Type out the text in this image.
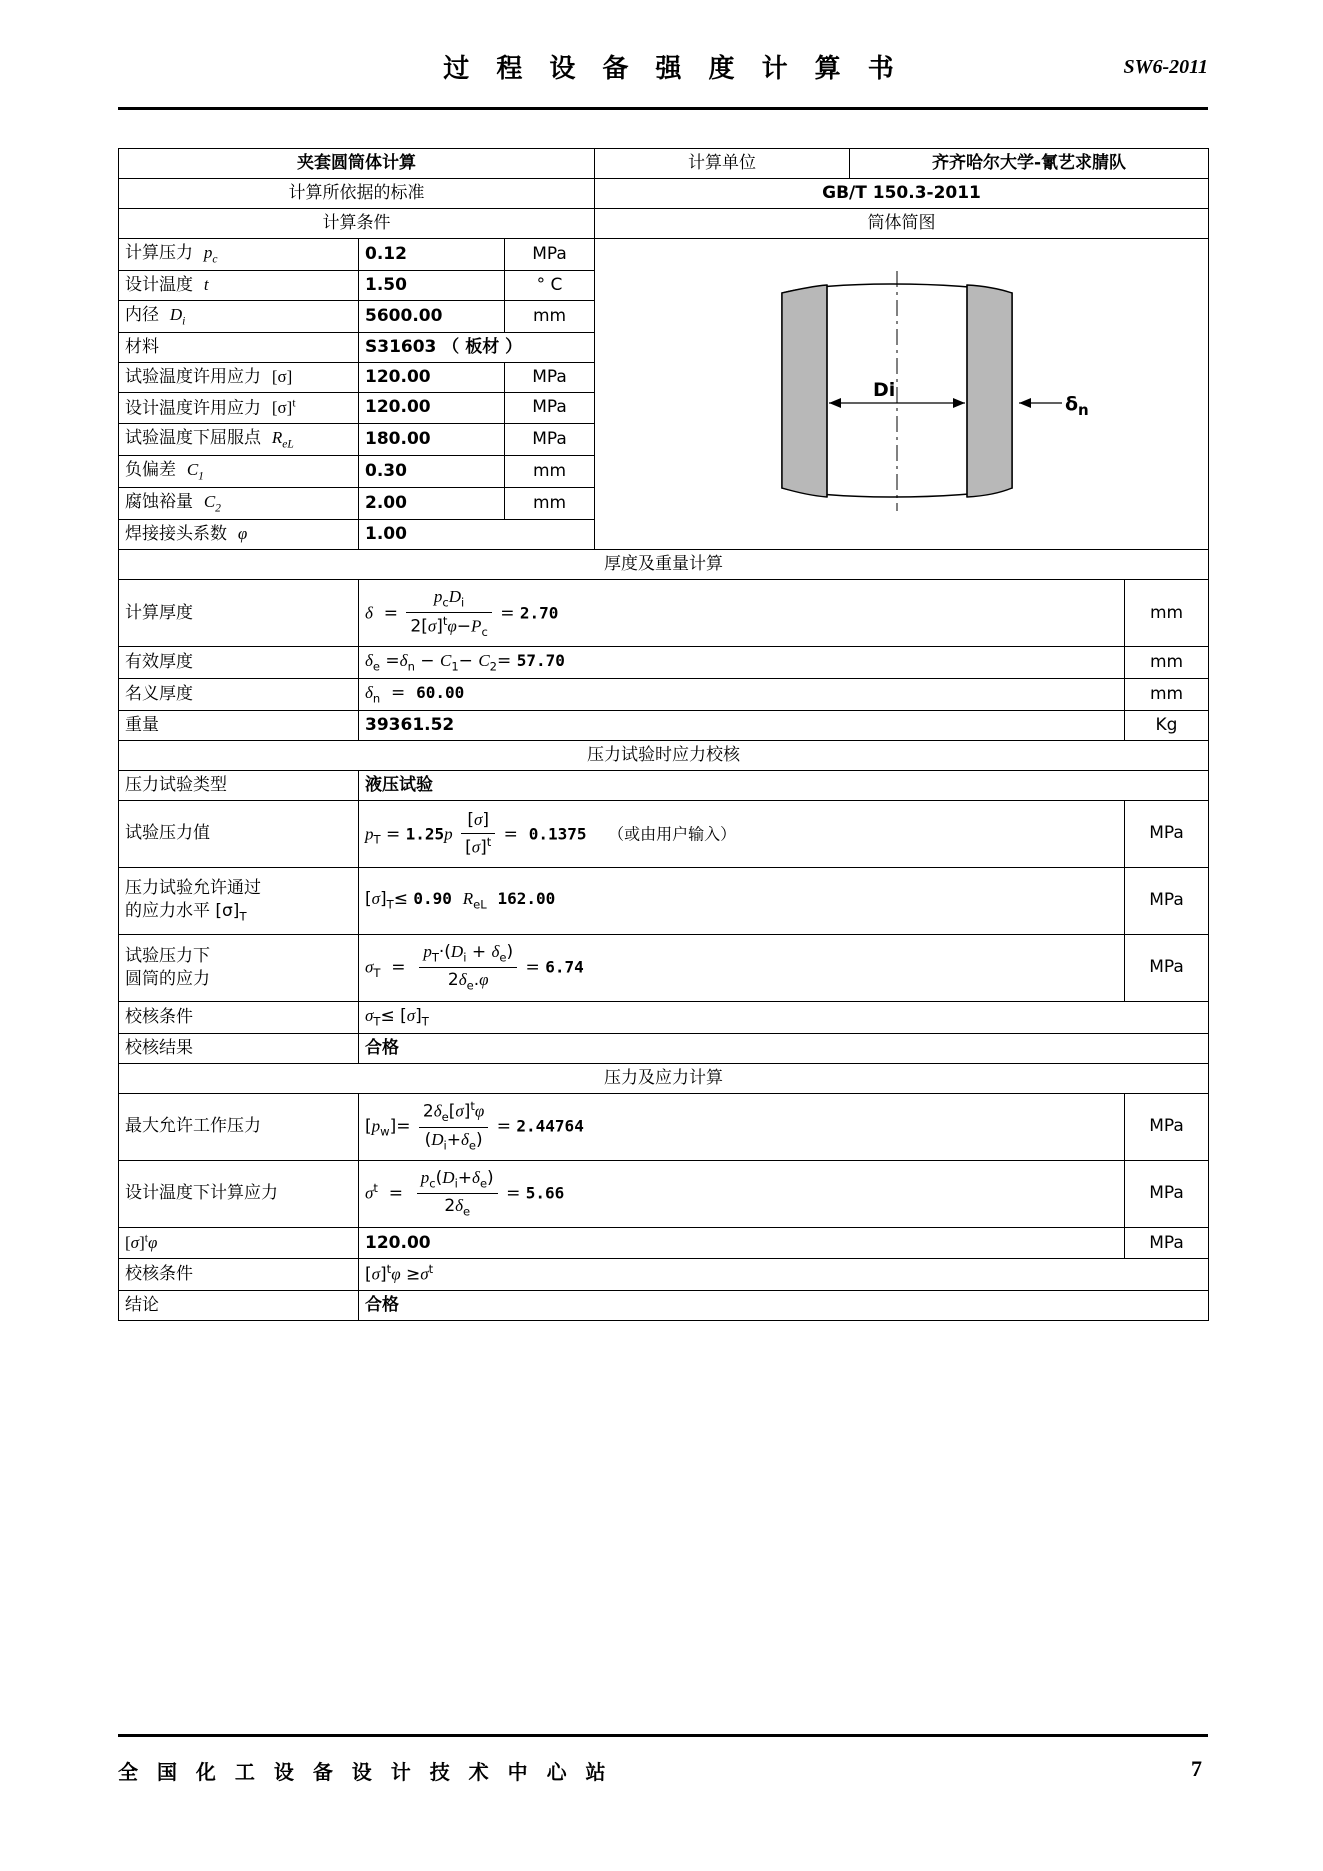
过 程 设 备 强 度 计 算 书	SW6-2011
夹套圆筒体计算			计算单位	齐齐哈尔大学-氰艺求腈队	
计算所依据的标准			GB/T 150.3-2011		
计算条件			筒体简图		
计算压力 $p_c$	0.12	MPa	Di
δ n		

设计温度 t	1.50	° C			
内径 $D_i$	5600.00	mm			
材料	S31603 （ 板材 ）				
试验温度许用应力 [σ]	120.00	MPa			
设计温度许用应力 $[\sigma]^t$	120.00	MPa			
试验温度下屈服点 $R_{eL}$	180.00	MPa			
负偏差 $C_1$	0.30	mm			
腐蚀裕量 $C_2$	2.00	mm			
焊接接头系数 φ	1.00				
厚度及重量计算					
计算厚度	$\delta = \frac{p_cD_i}{2[\sigma]^t\varphi-P_c} = 2.70$				mm
有效厚度	$\delta_e =\delta_n - C_1- C_2= 57.70$				mm
名义厚度	$\delta_n = 60.00$				mm
重量	39361.52				Kg
压力试验时应力校核					
压力试验类型	液压试验				
试验压力值	$p_T = 1.25p \frac{[\sigma]}{[\sigma]^t} = 0.1375$ （或由用户输入）				MPa
压力试验允许通过
的应力水平 $[\sigma]_T$	$[\sigma]_T\le 0.90$ $R_{eL}$ 162.00				MPa
试验压力下
圆筒的应力	$\sigma_T = \frac{p_T\cdot(D_i + \delta_e)}{2\delta_e.\varphi} = 6.74$				MPa
校核条件	$\sigma_T\le [\sigma]_T$
校核结果	合格				
压力及应力计算					
最大允许工作压力	$[p_w]= \frac{2\delta_e[\sigma]^t\varphi}{(D_i+\delta_e)} = 2.44764$				MPa
设计温度下计算应力	$\sigma^t = \frac{p_c(D_i+\delta_e)}{2\delta_e} = 5.66$				MPa
$[\sigma]^t\varphi$	120.00				MPa
校核条件	$[\sigma]^t\varphi \ge\sigma^t$
结论	合格				
全 国 化 工 设 备 设 计 技 术 中 心 站	7
